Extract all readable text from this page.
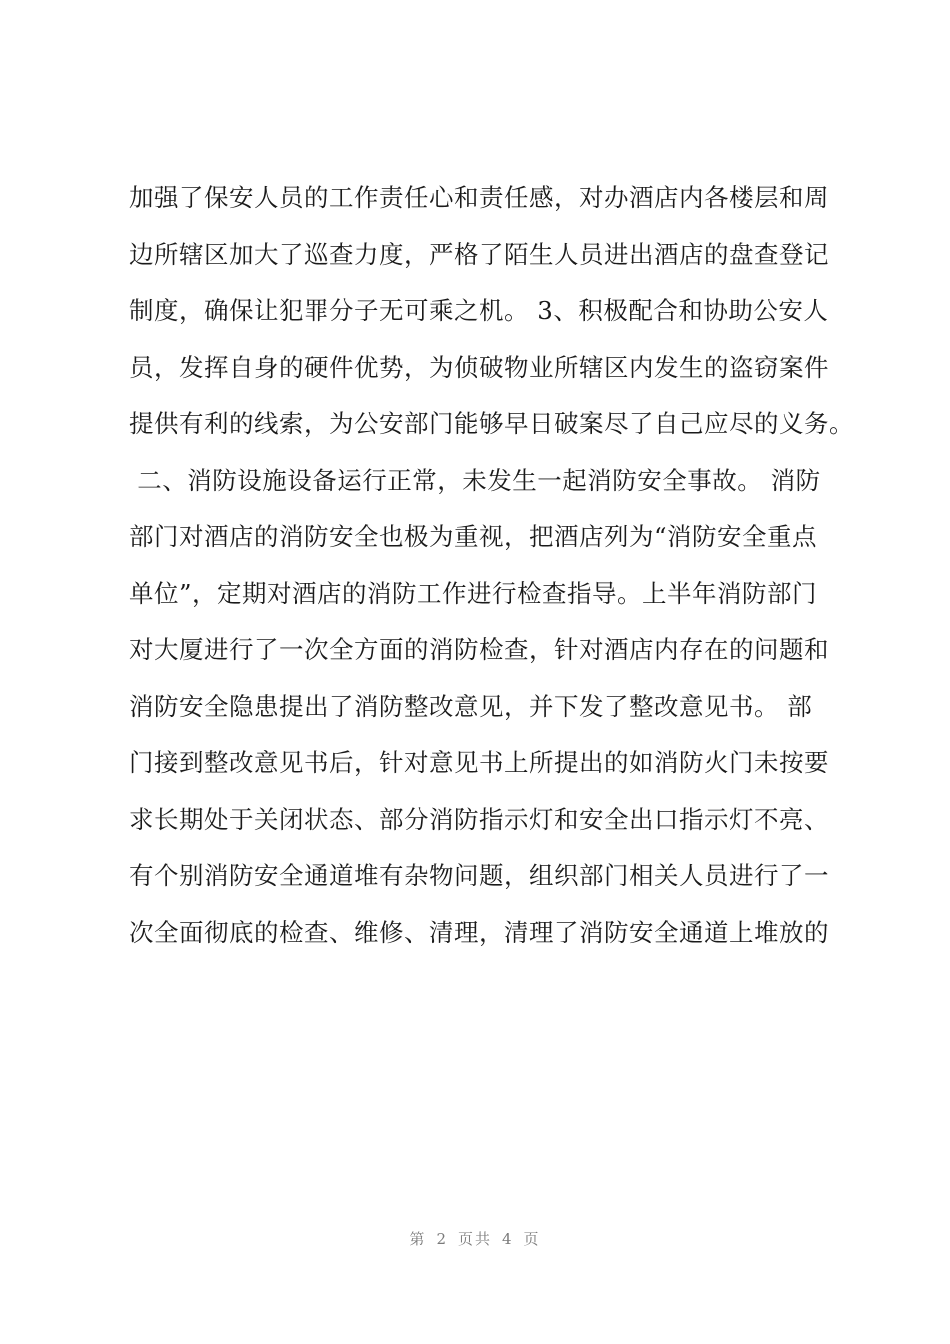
加强了保安人员的工作责任心和责任感，对办酒店内各楼层和周
边所辖区加大了巡查力度，严格了陌生人员进出酒店的盘查登记
制度，确保让犯罪分子无可乘之机。 3、积极配合和协助公安人
员，发挥自身的硬件优势，为侦破物业所辖区内发生的盗窃案件
提供有利的线索，为公安部门能够早日破案尽了自己应尽的义务。
二、消防设施设备运行正常，未发生一起消防安全事故。 消防
部门对酒店的消防安全也极为重视，把酒店列为“消防安全重点
单位”，定期对酒店的消防工作进行检查指导。上半年消防部门
对大厦进行了一次全方面的消防检查，针对酒店内存在的问题和
消防安全隐患提出了消防整改意见，并下发了整改意见书。 部
门接到整改意见书后，针对意见书上所提出的如消防火门未按要
求长期处于关闭状态、部分消防指示灯和安全出口指示灯不亮、
有个别消防安全通道堆有杂物问题，组织部门相关人员进行了一
次全面彻底的检查、维修、清理，清理了消防安全通道上堆放的
第 2 页共 4 页
